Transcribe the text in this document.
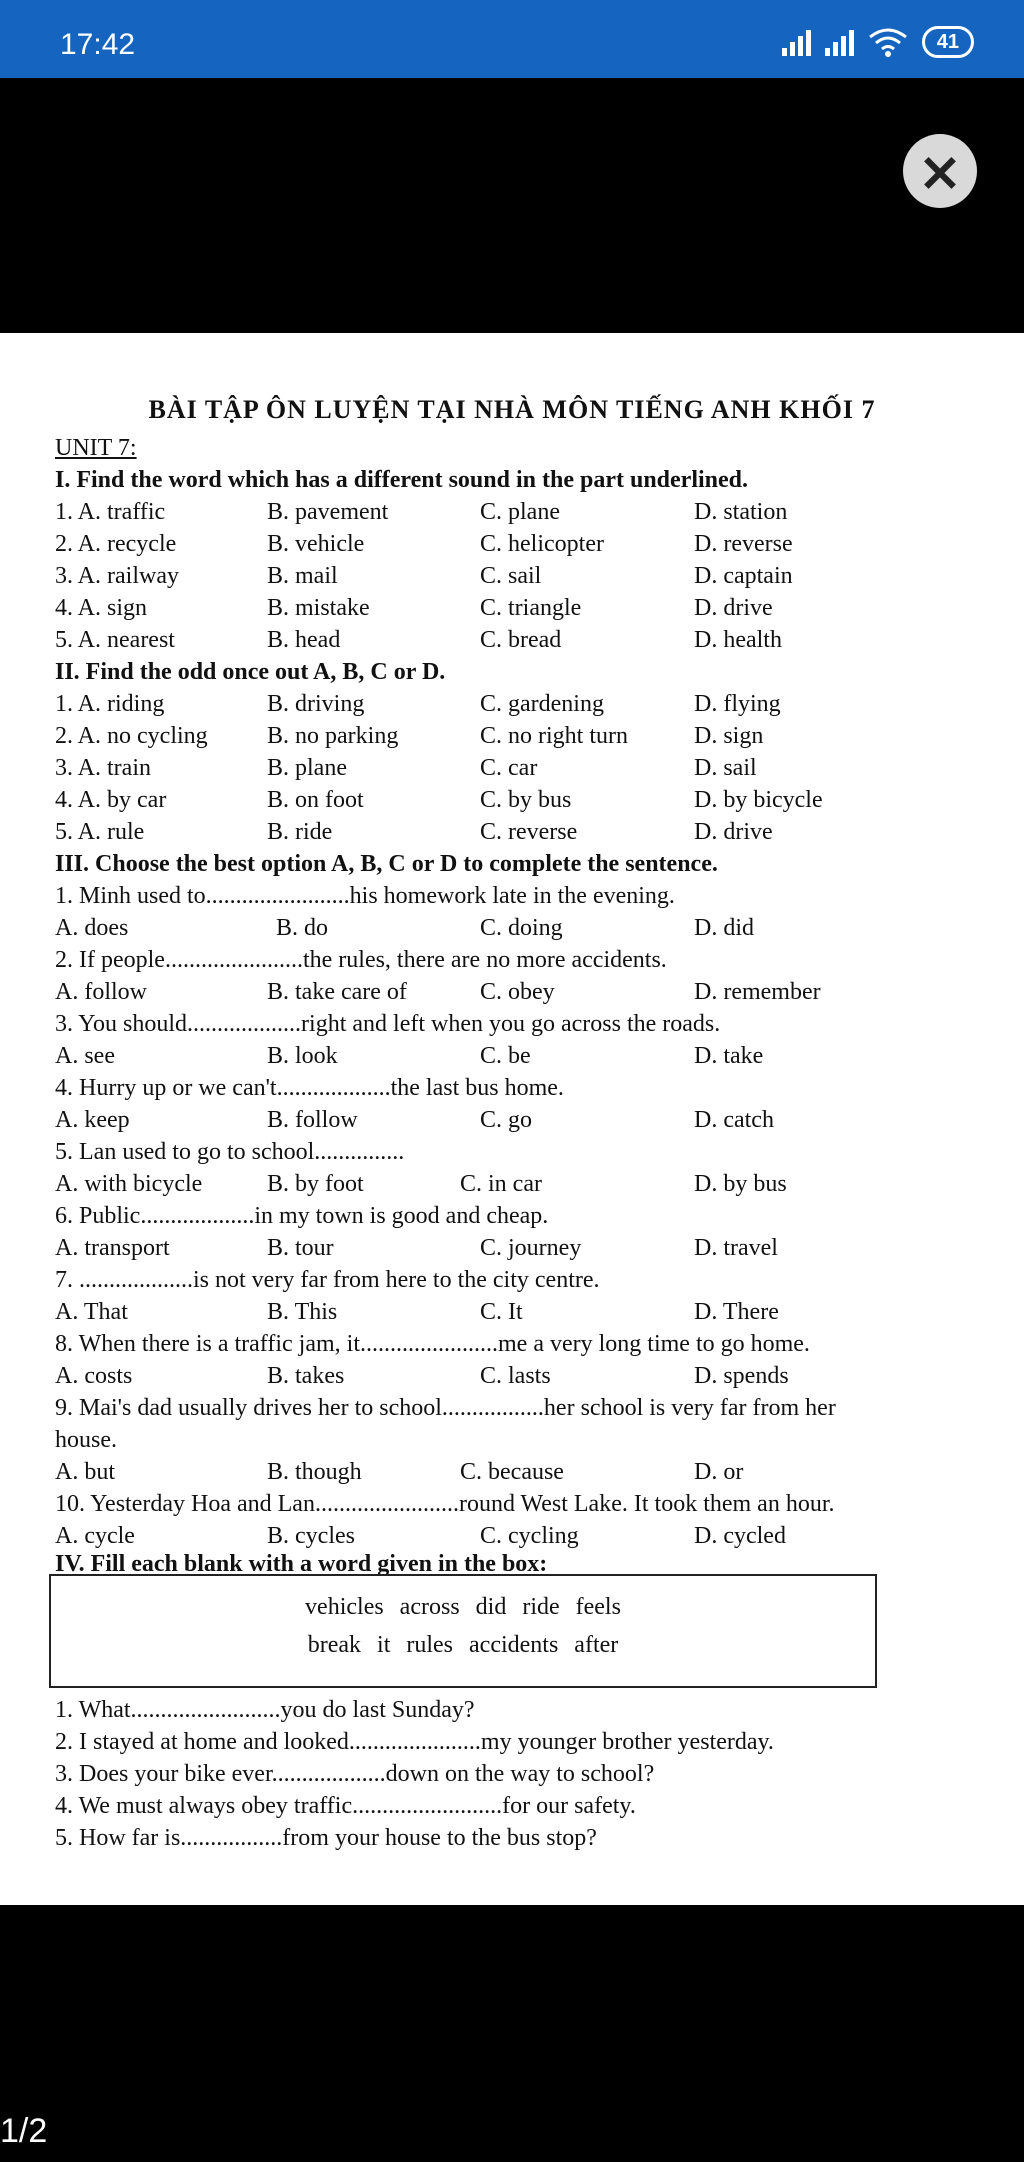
17:42	41
×
BÀI TẬP ÔN LUYỆN TẠI NHÀ MÔN TIẾNG ANH KHỐI 7
UNIT 7:
I. Find the word which has a different sound in the part underlined.
1. A. traffic	B. pavement	C. plane	D. station
2. A. recycle	B. vehicle	C. helicopter	D. reverse
3. A. railway	B. mail	C. sail	D. captain
4. A. sign	B. mistake	C. triangle	D. drive
5. A. nearest	B. head	C. bread	D. health
II. Find the odd once out A, B, C or D.
1. A. riding	B. driving	C. gardening	D. flying
2. A. no cycling B. no parking	C. no right turn	D. sign
3. A. train	B. plane	C. car	D. sail
4. A. by car	B. on foot	C. by bus	D. by bicycle
5. A. rule	B. ride	C. reverse	D. drive
III. Choose the best option A, B, C or D to complete the sentence.
1. Minh used to........................his homework late in the evening.
A. does	B. do	C. doing	D. did
2. If people.......................the rules, there are no more accidents.
A. follow	B. take care of	C. obey	D. remember
3. You should...................right and left when you go across the roads.
A. see	B. look	C. be	D. take
4. Hurry up or we can't...................the last bus home.
A. keep	B. follow	C. go	D. catch
5. Lan used to go to school...............
A. with bicycle	B. by foot	C. in car	D. by bus
6. Public...................in my town is good and cheap.
A. transport	B. tour	C. journey	D. travel
7. ...................is not very far from here to the city centre.
A. That	B. This	C. It	D. There
8. When there is a traffic jam, it.......................me a very long time to go home.
A. costs	B. takes	C. lasts	D. spends
9. Mai's dad usually drives her to school.................her school is very far from her
house.
A. but	B. though	C. because	D. or
10. Yesterday Hoa and Lan........................round West Lake. It took them an hour.
A. cycle	B. cycles	C. cycling	D. cycled
IV. Fill each blank with a word given in the box:
vehicles across did ride feels
break it rules accidents after
1. What.........................you do last Sunday?
2. I stayed at home and looked......................my younger brother yesterday.
3. Does your bike ever...................down on the way to school?
4. We must always obey traffic.........................for our safety.
5. How far is.................from your house to the bus stop?
1/2
